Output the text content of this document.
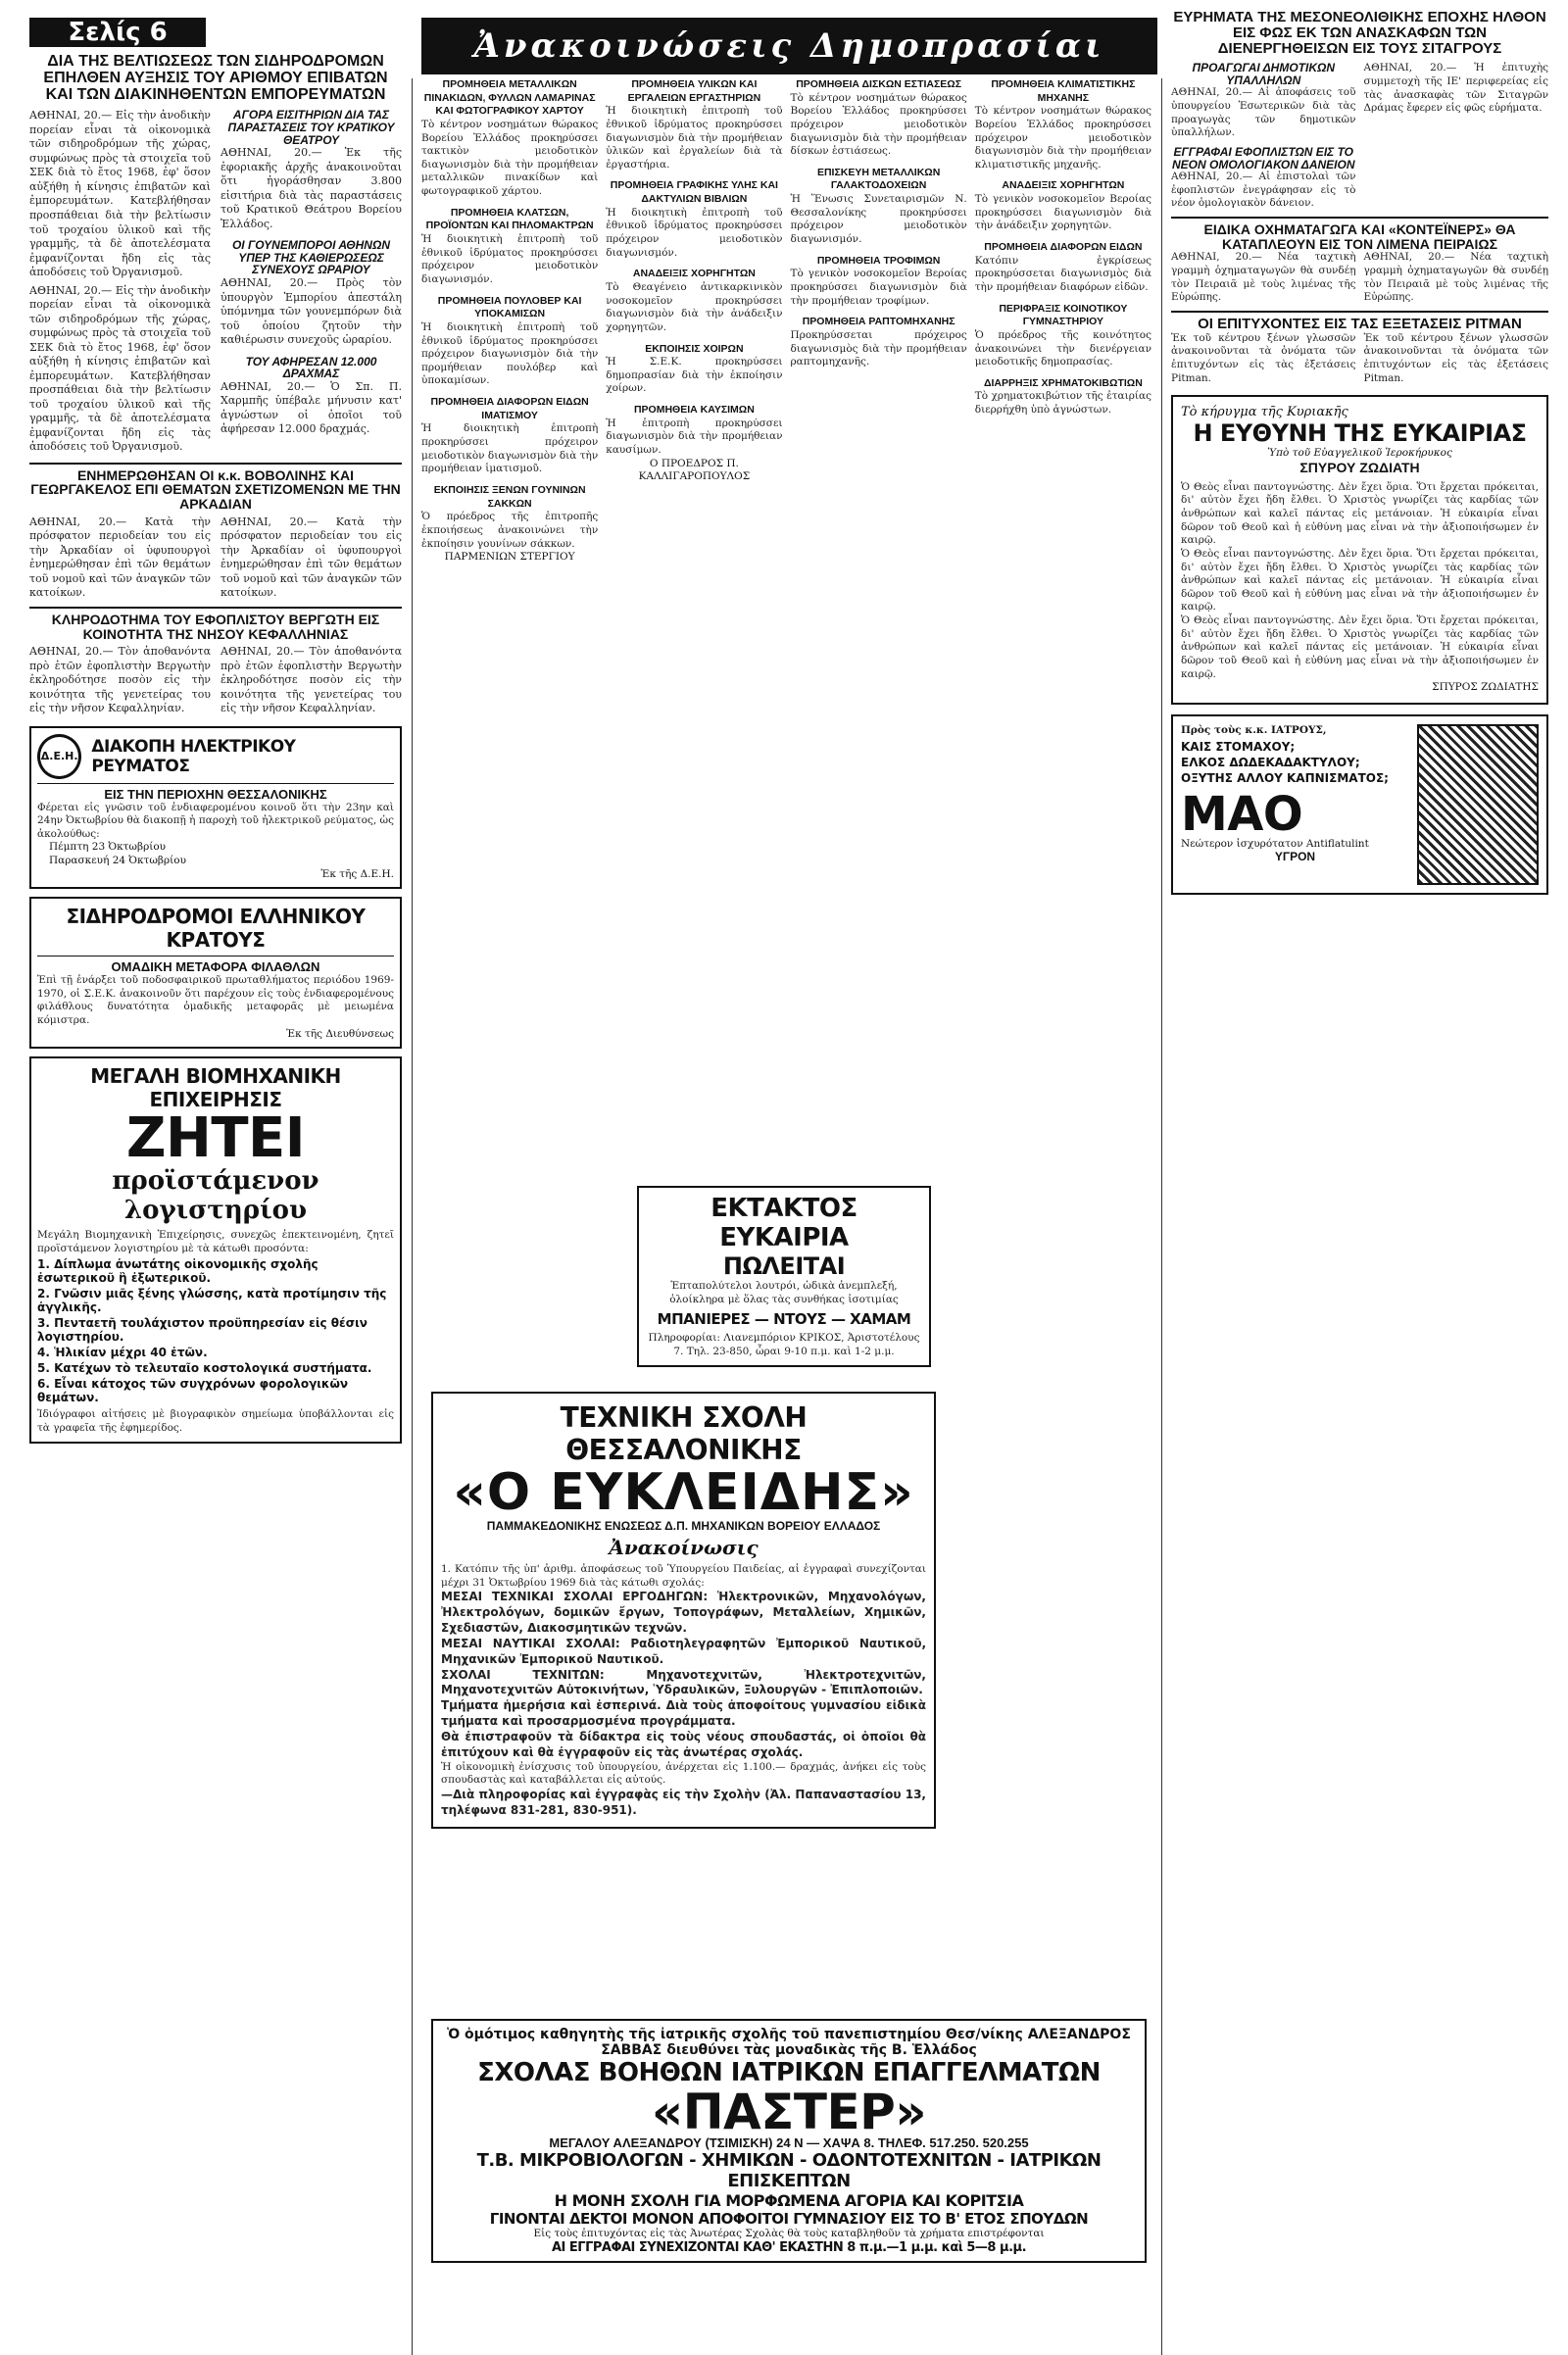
Σελίς 6	Ἀνακοινώσεις Δημοπρασίαι
ΔΙΑ ΤΗΣ ΒΕΛΤΙΩΣΕΩΣ ΤΩΝ ΣΙΔΗΡΟΔΡΟΜΩΝ ΕΠΗΛΘΕΝ ΑΥΞΗΣΙΣ ΤΟΥ ΑΡΙΘΜΟΥ ΕΠΙΒΑΤΩΝ ΚΑΙ ΤΩΝ ΔΙΑΚΙΝΗΘΕΝΤΩΝ ΕΜΠΟΡΕΥΜΑΤΩΝ

ΑΘΗΝΑΙ, 20.— Εἰς τὴν ἀνοδικὴν πορείαν εἶναι τὰ οἰκονομικὰ τῶν σιδηροδρόμων τῆς χώρας, συμφώνως πρὸς τὰ στοιχεῖα τοῦ ΣΕΚ διὰ τὸ ἔτος 1968, ἐφ' ὅσον αὐξήθη ἡ κίνησις ἐπιβατῶν καὶ ἐμπορευμάτων. Κατεβλήθησαν προσπάθειαι διὰ τὴν βελτίωσιν τοῦ τροχαίου ὑλικοῦ καὶ τῆς γραμμῆς, τὰ δὲ ἀποτελέσματα ἐμφανίζονται ἤδη εἰς τὰς ἀποδόσεις τοῦ Ὀργανισμοῦ.

ΑΘΗΝΑΙ, 20.— Εἰς τὴν ἀνοδικὴν πορείαν εἶναι τὰ οἰκονομικὰ τῶν σιδηροδρόμων τῆς χώρας, συμφώνως πρὸς τὰ στοιχεῖα τοῦ ΣΕΚ διὰ τὸ ἔτος 1968, ἐφ' ὅσον αὐξήθη ἡ κίνησις ἐπιβατῶν καὶ ἐμπορευμάτων. Κατεβλήθησαν προσπάθειαι διὰ τὴν βελτίωσιν τοῦ τροχαίου ὑλικοῦ καὶ τῆς γραμμῆς, τὰ δὲ ἀποτελέσματα ἐμφανίζονται ἤδη εἰς τὰς ἀποδόσεις τοῦ Ὀργανισμοῦ.

ΑΓΟΡΑ ΕΙΣΙΤΗΡΙΩΝ ΔΙΑ ΤΑΣ ΠΑΡΑΣΤΑΣΕΙΣ ΤΟΥ ΚΡΑΤΙΚΟΥ ΘΕΑΤΡΟΥ

ΑΘΗΝΑΙ, 20.— Ἐκ τῆς ἐφοριακῆς ἀρχῆς ἀνακοινοῦται ὅτι ἠγοράσθησαν 3.800 εἰσιτήρια διὰ τὰς παραστάσεις τοῦ Κρατικοῦ Θεάτρου Βορείου Ἑλλάδος.

ΟΙ ΓΟΥΝΕΜΠΟΡΟΙ ΑΘΗΝΩΝ ΥΠΕΡ ΤΗΣ ΚΑΘΙΕΡΩΣΕΩΣ ΣΥΝΕΧΟΥΣ ΩΡΑΡΙΟΥ

ΑΘΗΝΑΙ, 20.— Πρὸς τὸν ὑπουργὸν Ἐμπορίου ἀπεστάλη ὑπόμνημα τῶν γουνεμπόρων διὰ τοῦ ὁποίου ζητοῦν τὴν καθιέρωσιν συνεχοῦς ὡραρίου.

ΤΟΥ ΑΦΗΡΕΣΑΝ 12.000 ΔΡΑΧΜΑΣ

ΑΘΗΝΑΙ, 20.— Ὁ Σπ. Π. Χαρμπῆς ὑπέβαλε μήνυσιν κατ' ἀγνώστων οἱ ὁποῖοι τοῦ ἀφήρεσαν 12.000 δραχμάς.

ΕΝΗΜΕΡΩΘΗΣΑΝ ΟΙ κ.κ. ΒΟΒΟΛΙΝΗΣ ΚΑΙ ΓΕΩΡΓΑΚΕΛΟΣ ΕΠΙ ΘΕΜΑΤΩΝ ΣΧΕΤΙΖΟΜΕΝΩΝ ΜΕ ΤΗΝ ΑΡΚΑΔΙΑΝ

ΑΘΗΝΑΙ, 20.— Κατὰ τὴν πρόσφατον περιοδείαν του εἰς τὴν Ἀρκαδίαν οἱ ὑφυπουργοὶ ἐνημερώθησαν ἐπὶ τῶν θεμάτων τοῦ νομοῦ καὶ τῶν ἀναγκῶν τῶν κατοίκων.

ΑΘΗΝΑΙ, 20.— Κατὰ τὴν πρόσφατον περιοδείαν του εἰς τὴν Ἀρκαδίαν οἱ ὑφυπουργοὶ ἐνημερώθησαν ἐπὶ τῶν θεμάτων τοῦ νομοῦ καὶ τῶν ἀναγκῶν τῶν κατοίκων.

ΚΛΗΡΟΔΟΤΗΜΑ ΤΟΥ ΕΦΟΠΛΙΣΤΟΥ ΒΕΡΓΩΤΗ ΕΙΣ ΚΟΙΝΟΤΗΤΑ ΤΗΣ ΝΗΣΟΥ ΚΕΦΑΛΛΗΝΙΑΣ

ΑΘΗΝΑΙ, 20.— Τὸν ἀποθανόντα πρὸ ἐτῶν ἐφοπλιστὴν Βεργωτὴν ἐκληροδότησε ποσὸν εἰς τὴν κοινότητα τῆς γενετείρας του εἰς τὴν νῆσον Κεφαλληνίαν.

ΑΘΗΝΑΙ, 20.— Τὸν ἀποθανόντα πρὸ ἐτῶν ἐφοπλιστὴν Βεργωτὴν ἐκληροδότησε ποσὸν εἰς τὴν κοινότητα τῆς γενετείρας του εἰς τὴν νῆσον Κεφαλληνίαν.

Δ.Ε.Η. ΔΙΑΚΟΠΗ ΗΛΕΚΤΡΙΚΟΥ ΡΕΥΜΑΤΟΣ
ΕΙΣ ΤΗΝ ΠΕΡΙΟΧΗΝ ΘΕΣΣΑΛΟΝΙΚΗΣ

Φέρεται εἰς γνῶσιν τοῦ ἐνδιαφερομένου κοινοῦ ὅτι τὴν 23ην καὶ 24ην Ὀκτωβρίου θὰ διακοπῇ ἡ παροχὴ τοῦ ἠλεκτρικοῦ ρεύματος, ὡς ἀκολούθως:

Πέμπτη 23 Ὀκτωβρίου
Παρασκευή 24 Ὀκτωβρίου
Ἐκ τῆς Δ.Ε.Η.
ΣΙΔΗΡΟΔΡΟΜΟΙ ΕΛΛΗΝΙΚΟΥ ΚΡΑΤΟΥΣ
ΟΜΑΔΙΚΗ ΜΕΤΑΦΟΡΑ ΦΙΛΑΘΛΩΝ

Ἐπὶ τῇ ἐνάρξει τοῦ ποδοσφαιρικοῦ πρωταθλήματος περιόδου 1969-1970, οἱ Σ.Ε.Κ. ἀνακοινοῦν ὅτι παρέχουν εἰς τοὺς ἐνδιαφερομένους φιλάθλους δυνατότητα ὁμαδικῆς μεταφορᾶς μὲ μειωμένα κόμιστρα.

Ἐκ τῆς Διευθύνσεως
ΜΕΓΑΛΗ ΒΙΟΜΗΧΑΝΙΚΗ ΕΠΙΧΕΙΡΗΣΙΣ
ΖΗΤΕΙ
προϊστάμενον λογιστηρίου

Μεγάλη Βιομηχανικὴ Ἐπιχείρησις, συνεχῶς ἐπεκτεινομένη, ζητεῖ προϊστάμενον λογιστηρίου μὲ τὰ κάτωθι προσόντα:

1. Δίπλωμα ἀνωτάτης οἰκονομικῆς σχολῆς ἐσωτερικοῦ ἢ ἐξωτερικοῦ.
2. Γνῶσιν μιᾶς ξένης γλώσσης, κατὰ προτίμησιν τῆς ἀγγλικῆς.
3. Πενταετῆ τουλάχιστον προϋπηρεσίαν εἰς θέσιν λογιστηρίου.
4. Ἡλικίαν μέχρι 40 ἐτῶν.
5. Κατέχων τὸ τελευταῖο κοστολογικά συστήματα.
6. Εἶναι κάτοχος τῶν συγχρόνων φορολογικῶν θεμάτων.

Ἰδιόγραφοι αἰτήσεις μὲ βιογραφικὸν σημείωμα ὑποβάλλονται εἰς τὰ γραφεῖα τῆς ἐφημερίδος.

ΠΡΟΜΗΘΕΙΑ ΜΕΤΑΛΛΙΚΩΝ ΠΙΝΑΚΙΔΩΝ, ΦΥΛΛΩΝ ΛΑΜΑΡΙΝΑΣ ΚΑΙ ΦΩΤΟΓΡΑΦΙΚΟΥ ΧΑΡΤΟΥ

Τὸ κέντρον νοσημάτων θώρακος Βορείου Ἑλλάδος προκηρύσσει τακτικὸν μειοδοτικὸν διαγωνισμὸν διὰ τὴν προμήθειαν μεταλλικῶν πινακίδων καὶ φωτογραφικοῦ χάρτου.

ΠΡΟΜΗΘΕΙΑ ΚΛΑΤΣΩΝ, ΠΡΟΪΟΝΤΩΝ ΚΑΙ ΠΗΛΟΜΑΚΤΡΩΝ

Ἡ διοικητικὴ ἐπιτροπὴ τοῦ ἐθνικοῦ ἱδρύματος προκηρύσσει πρόχειρον μειοδοτικὸν διαγωνισμόν.

ΠΡΟΜΗΘΕΙΑ ΠΟΥΛΟΒΕΡ ΚΑΙ ΥΠΟΚΑΜΙΣΩΝ

Ἡ διοικητικὴ ἐπιτροπὴ τοῦ ἐθνικοῦ ἱδρύματος προκηρύσσει πρόχειρον διαγωνισμὸν διὰ τὴν προμήθειαν πουλόβερ καὶ ὑποκαμίσων.

ΠΡΟΜΗΘΕΙΑ ΔΙΑΦΟΡΩΝ ΕΙΔΩΝ ΙΜΑΤΙΣΜΟΥ

Ἡ διοικητικὴ ἐπιτροπὴ προκηρύσσει πρόχειρον μειοδοτικὸν διαγωνισμὸν διὰ τὴν προμήθειαν ἱματισμοῦ.

ΕΚΠΟΙΗΣΙΣ ΞΕΝΩΝ ΓΟΥΝΙΝΩΝ ΣΑΚΚΩΝ

Ὁ πρόεδρος τῆς ἐπιτροπῆς ἐκποιήσεως ἀνακοινώνει τὴν ἐκποίησιν γουνίνων σάκκων.

ΠΑΡΜΕΝΙΩΝ ΣΤΕΡΓΙΟΥ
ΠΡΟΜΗΘΕΙΑ ΥΛΙΚΩΝ ΚΑΙ ΕΡΓΑΛΕΙΩΝ ΕΡΓΑΣΤΗΡΙΩΝ

Ἡ διοικητικὴ ἐπιτροπὴ τοῦ ἐθνικοῦ ἱδρύματος προκηρύσσει διαγωνισμὸν διὰ τὴν προμήθειαν ὑλικῶν καὶ ἐργαλείων διὰ τὰ ἐργαστήρια.

ΠΡΟΜΗΘΕΙΑ ΓΡΑΦΙΚΗΣ ΥΛΗΣ ΚΑΙ ΔΑΚΤΥΛΙΩΝ ΒΙΒΛΙΩΝ

Ἡ διοικητικὴ ἐπιτροπὴ τοῦ ἐθνικοῦ ἱδρύματος προκηρύσσει πρόχειρον μειοδοτικὸν διαγωνισμόν.

ΑΝΑΔΕΙΞΙΣ ΧΟΡΗΓΗΤΩΝ

Τὸ Θεαγένειο ἀντικαρκινικὸν νοσοκομεῖον προκηρύσσει διαγωνισμὸν διὰ τὴν ἀνάδειξιν χορηγητῶν.

ΕΚΠΟΙΗΣΙΣ ΧΟΙΡΩΝ

Ἡ Σ.Ε.Κ. προκηρύσσει δημοπρασίαν διὰ τὴν ἐκποίησιν χοίρων.

ΠΡΟΜΗΘΕΙΑ ΚΑΥΣΙΜΩΝ

Ἡ ἐπιτροπὴ προκηρύσσει διαγωνισμὸν διὰ τὴν προμήθειαν καυσίμων.

Ο ΠΡΟΕΔΡΟΣ Π. ΚΑΛΛΙΓΑΡΟΠΟΥΛΟΣ
ΠΡΟΜΗΘΕΙΑ ΔΙΣΚΩΝ ΕΣΤΙΑΣΕΩΣ

Τὸ κέντρον νοσημάτων θώρακος Βορείου Ἑλλάδος προκηρύσσει πρόχειρον μειοδοτικὸν διαγωνισμὸν διὰ τὴν προμήθειαν δίσκων ἑστιάσεως.

ΕΠΙΣΚΕΥΗ ΜΕΤΑΛΛΙΚΩΝ ΓΑΛΑΚΤΟΔΟΧΕΙΩΝ

Ἡ Ἕνωσις Συνεταιρισμῶν Ν. Θεσσαλονίκης προκηρύσσει πρόχειρον μειοδοτικὸν διαγωνισμόν.

ΠΡΟΜΗΘΕΙΑ ΤΡΟΦΙΜΩΝ

Τὸ γενικὸν νοσοκομεῖον Βεροίας προκηρύσσει διαγωνισμὸν διὰ τὴν προμήθειαν τροφίμων.

ΠΡΟΜΗΘΕΙΑ ΡΑΠΤΟΜΗΧΑΝΗΣ

Προκηρύσσεται πρόχειρος διαγωνισμὸς διὰ τὴν προμήθειαν ραπτομηχανῆς.

ΠΡΟΜΗΘΕΙΑ ΚΛΙΜΑΤΙΣΤΙΚΗΣ ΜΗΧΑΝΗΣ

Τὸ κέντρον νοσημάτων θώρακος Βορείου Ἑλλάδος προκηρύσσει πρόχειρον μειοδοτικὸν διαγωνισμὸν διὰ τὴν προμήθειαν κλιματιστικῆς μηχανῆς.

ΑΝΑΔΕΙΞΙΣ ΧΟΡΗΓΗΤΩΝ

Τὸ γενικὸν νοσοκομεῖον Βεροίας προκηρύσσει διαγωνισμὸν διὰ τὴν ἀνάδειξιν χορηγητῶν.

ΠΡΟΜΗΘΕΙΑ ΔΙΑΦΟΡΩΝ ΕΙΔΩΝ

Κατόπιν ἐγκρίσεως προκηρύσσεται διαγωνισμὸς διὰ τὴν προμήθειαν διαφόρων εἰδῶν.

ΠΕΡΙΦΡΑΞΙΣ ΚΟΙΝΟΤΙΚΟΥ ΓΥΜΝΑΣΤΗΡΙΟΥ

Ὁ πρόεδρος τῆς κοινότητος ἀνακοινώνει τὴν διενέργειαν μειοδοτικῆς δημοπρασίας.

ΔΙΑΡΡΗΞΙΣ ΧΡΗΜΑΤΟΚΙΒΩΤΙΩΝ

Τὸ χρηματοκιβώτιον τῆς ἐταιρίας διερρήχθη ὑπὸ ἀγνώστων.

ΕΚΤΑΚΤΟΣ ΕΥΚΑΙΡΙΑ
ΠΩΛΕΙΤΑΙ

Ἑπταπολύτελοι λουτρόι, ὡδικὰ ἀνεμπλεξή, ὁλοίκληρα μὲ ὅλας τὰς συνθήκας ἰσοτιμίας

ΜΠΑΝΙΕΡΕΣ — ΝΤΟΥΣ — ΧΑΜΑΜ

Πληροφορίαι: Λιανεμπόριον ΚΡΙΚΟΣ, Ἀριστοτέλους 7. Τηλ. 23-850, ὧραι 9-10 π.μ. καὶ 1-2 μ.μ.

ΤΕΧΝΙΚΗ ΣΧΟΛΗ ΘΕΣΣΑΛΟΝΙΚΗΣ
«Ο ΕΥΚΛΕΙΔΗΣ»
ΠΑΜΜΑΚΕΔΟΝΙΚΗΣ ΕΝΩΣΕΩΣ Δ.Π. ΜΗΧΑΝΙΚΩΝ ΒΟΡΕΙΟΥ ΕΛΛΑΔΟΣ
Ἀνακοίνωσις

1. Κατόπιν τῆς ὑπ' ἀριθμ. ἀποφάσεως τοῦ Ὑπουργείου Παιδείας, αἱ ἐγγραφαὶ συνεχίζονται μέχρι 31 Ὀκτωβρίου 1969 διὰ τὰς κάτωθι σχολάς:

ΜΕΣΑΙ ΤΕΧΝΙΚΑΙ ΣΧΟΛΑΙ ΕΡΓΟΔΗΓΩΝ: Ἡλεκτρονικῶν, Μηχανολόγων, Ἠλεκτρολόγων, δομικῶν ἔργων, Τοπογράφων, Μεταλλείων, Χημικῶν, Σχεδιαστῶν, Διακοσμητικῶν τεχνῶν.

ΜΕΣΑΙ ΝΑΥΤΙΚΑΙ ΣΧΟΛΑΙ: Ραδιοτηλεγραφητῶν Ἐμπορικοῦ Ναυτικοῦ, Μηχανικῶν Ἐμπορικοῦ Ναυτικοῦ.

ΣΧΟΛΑΙ ΤΕΧΝΙΤΩΝ: Μηχανοτεχνιτῶν, Ἠλεκτροτεχνιτῶν, Μηχανοτεχνιτῶν Αὐτοκινήτων, Ὑδραυλικῶν, Ξυλουργῶν - Ἐπιπλοποιῶν.

Τμήματα ἡμερήσια καὶ ἑσπερινά. Διὰ τοὺς ἀποφοίτους γυμνασίου εἰδικὰ τμήματα καὶ προσαρμοσμένα προγράμματα.

Θὰ ἐπιστραφοῦν τὰ δίδακτρα εἰς τοὺς νέους σπουδαστάς, οἱ ὁποῖοι θὰ ἐπιτύχουν καὶ θὰ ἐγγραφοῦν εἰς τὰς ἀνωτέρας σχολάς.

Ἡ οἰκονομικὴ ἐνίσχυσις τοῦ ὑπουργείου, ἀνέρχεται εἰς 1.100.— δραχμάς, ἀνήκει εἰς τοὺς σπουδαστὰς καὶ καταβάλλεται εἰς αὐτούς.

—Διὰ πληροφορίας καὶ ἐγγραφὰς εἰς τὴν Σχολὴν (Ἀλ. Παπαναστασίου 13, τηλέφωνα 831-281, 830-951).

Ὁ ὁμότιμος καθηγητὴς τῆς ἰατρικῆς σχολῆς τοῦ πανεπιστημίου Θεσ/νίκης ΑΛΕΞΑΝΔΡΟΣ ΣΑΒΒΑΣ διευθύνει τὰς μοναδικὰς τῆς Β. Ἑλλάδος
ΣΧΟΛΑΣ ΒΟΗΘΩΝ ΙΑΤΡΙΚΩΝ ΕΠΑΓΓΕΛΜΑΤΩΝ
«ΠΑΣΤΕΡ»
ΜΕΓΑΛΟΥ ΑΛΕΞΑΝΔΡΟΥ (ΤΣΙΜΙΣΚΗ) 24 Ν — ΧΑΨΑ 8. ΤΗΛΕΦ. 517.250. 520.255
Τ.Β. ΜΙΚΡΟΒΙΟΛΟΓΩΝ - ΧΗΜΙΚΩΝ - ΟΔΟΝΤΟΤΕΧΝΙΤΩΝ - ΙΑΤΡΙΚΩΝ ΕΠΙΣΚΕΠΤΩΝ
Η ΜΟΝΗ ΣΧΟΛΗ ΓΙΑ ΜΟΡΦΩΜΕΝΑ ΑΓΟΡΙΑ ΚΑΙ ΚΟΡΙΤΣΙΑ
ΓΙΝΟΝΤΑΙ ΔΕΚΤΟΙ ΜΟΝΟΝ ΑΠΟΦΟΙΤΟΙ ΓΥΜΝΑΣΙΟΥ ΕΙΣ ΤΟ Β' ΕΤΟΣ ΣΠΟΥΔΩΝ
Εἰς τοὺς ἐπιτυχόντας εἰς τὰς Ἀνωτέρας Σχολὰς θὰ τοὺς καταβληθοῦν τὰ χρήματα επιστρέφονται
ΑΙ ΕΓΓΡΑΦΑΙ ΣΥΝΕΧΙΖΟΝΤΑΙ ΚΑΘ' ΕΚΑΣΤΗΝ 8 π.μ.—1 μ.μ. καὶ 5—8 μ.μ.
ΕΥΡΗΜΑΤΑ ΤΗΣ ΜΕΣΟΝΕΟΛΙΘΙΚΗΣ ΕΠΟΧΗΣ ΗΛΘΟΝ ΕΙΣ ΦΩΣ ΕΚ ΤΩΝ ΑΝΑΣΚΑΦΩΝ ΤΩΝ ΔΙΕΝΕΡΓΗΘΕΙΣΩΝ ΕΙΣ ΤΟΥΣ ΣΙΤΑΓΡΟΥΣ
ΠΡΟΑΓΩΓΑΙ ΔΗΜΟΤΙΚΩΝ ΥΠΑΛΛΗΛΩΝ

ΑΘΗΝΑΙ, 20.— Αἱ ἀποφάσεις τοῦ ὑπουργείου Ἐσωτερικῶν διὰ τὰς προαγωγὰς τῶν δημοτικῶν ὑπαλλήλων.

ΕΓΓΡΑΦΑΙ ΕΦΟΠΛΙΣΤΩΝ ΕΙΣ ΤΟ ΝΕΟΝ ΟΜΟΛΟΓΙΑΚΟΝ ΔΑΝΕΙΟΝ

ΑΘΗΝΑΙ, 20.— Αἱ ἐπιστολαὶ τῶν ἐφοπλιστῶν ἐνεγράφησαν εἰς τὸ νέον ὁμολογιακὸν δάνειον.

ΑΘΗΝΑΙ, 20.— Ἡ ἐπιτυχὴς συμμετοχὴ τῆς ΙΕ' περιφερείας εἰς τὰς ἀνασκαφὰς τῶν Σιταγρῶν Δράμας ἔφερεν εἰς φῶς εὑρήματα.

ΕΙΔΙΚΑ ΟΧΗΜΑΤΑΓΩΓΑ ΚΑΙ «ΚΟΝΤΕΪΝΕΡΣ» ΘΑ ΚΑΤΑΠΛΕΟΥΝ ΕΙΣ ΤΟΝ ΛΙΜΕΝΑ ΠΕΙΡΑΙΩΣ

ΑΘΗΝΑΙ, 20.— Νέα ταχτικὴ γραμμὴ ὀχηματαγωγῶν θὰ συνδέῃ τὸν Πειραιᾶ μὲ τοὺς λιμένας τῆς Εὐρώπης.

ΑΘΗΝΑΙ, 20.— Νέα ταχτικὴ γραμμὴ ὀχηματαγωγῶν θὰ συνδέῃ τὸν Πειραιᾶ μὲ τοὺς λιμένας τῆς Εὐρώπης.

ΟΙ ΕΠΙΤΥΧΟΝΤΕΣ ΕΙΣ ΤΑΣ ΕΞΕΤΑΣΕΙΣ ΡΙΤΜΑΝ

Ἐκ τοῦ κέντρου ξένων γλωσσῶν ἀνακοινοῦνται τὰ ὀνόματα τῶν ἐπιτυχόντων εἰς τὰς ἐξετάσεις Pitman.

Ἐκ τοῦ κέντρου ξένων γλωσσῶν ἀνακοινοῦνται τὰ ὀνόματα τῶν ἐπιτυχόντων εἰς τὰς ἐξετάσεις Pitman.

Τὸ κήρυγμα τῆς Κυριακῆς
Η ΕΥΘΥΝΗ ΤΗΣ ΕΥΚΑΙΡΙΑΣ
Ὑπὸ τοῦ Εὐαγγελικοῦ Ἱεροκήρυκος
ΣΠΥΡΟΥ ΖΩΔΙΑΤΗ

Ὁ Θεὸς εἶναι παντογνώστης. Δὲν ἔχει ὅρια. Ὅτι ἔρχεται πρόκειται, δι' αὐτὸν ἔχει ἤδη ἔλθει. Ὁ Χριστὸς γνωρίζει τὰς καρδίας τῶν ἀνθρώπων καὶ καλεῖ πάντας εἰς μετάνοιαν. Ἡ εὐκαιρία εἶναι δῶρον τοῦ Θεοῦ καὶ ἡ εὐθύνη μας εἶναι νὰ τὴν ἀξιοποιήσωμεν ἐν καιρῷ.

Ὁ Θεὸς εἶναι παντογνώστης. Δὲν ἔχει ὅρια. Ὅτι ἔρχεται πρόκειται, δι' αὐτὸν ἔχει ἤδη ἔλθει. Ὁ Χριστὸς γνωρίζει τὰς καρδίας τῶν ἀνθρώπων καὶ καλεῖ πάντας εἰς μετάνοιαν. Ἡ εὐκαιρία εἶναι δῶρον τοῦ Θεοῦ καὶ ἡ εὐθύνη μας εἶναι νὰ τὴν ἀξιοποιήσωμεν ἐν καιρῷ.

Ὁ Θεὸς εἶναι παντογνώστης. Δὲν ἔχει ὅρια. Ὅτι ἔρχεται πρόκειται, δι' αὐτὸν ἔχει ἤδη ἔλθει. Ὁ Χριστὸς γνωρίζει τὰς καρδίας τῶν ἀνθρώπων καὶ καλεῖ πάντας εἰς μετάνοιαν. Ἡ εὐκαιρία εἶναι δῶρον τοῦ Θεοῦ καὶ ἡ εὐθύνη μας εἶναι νὰ τὴν ἀξιοποιήσωμεν ἐν καιρῷ.

ΣΠΥΡΟΣ ΖΩΔΙΑΤΗΣ
Πρὸς τοὺς κ.κ. ΙΑΤΡΟΥΣ,
ΚΑΙΣ ΣΤΟΜΑΧΟΥ;
ΕΛΚΟΣ ΔΩΔΕΚΑΔΑΚΤΥΛΟΥ;
ΟΞΥΤΗΣ ΑΛΛΟΥ ΚΑΠΝΙΣΜΑΤΟΣ;
ΜΑΟ
Νεώτερον ἰσχυρότατον Antiflatulint
ΥΓΡΟΝ
